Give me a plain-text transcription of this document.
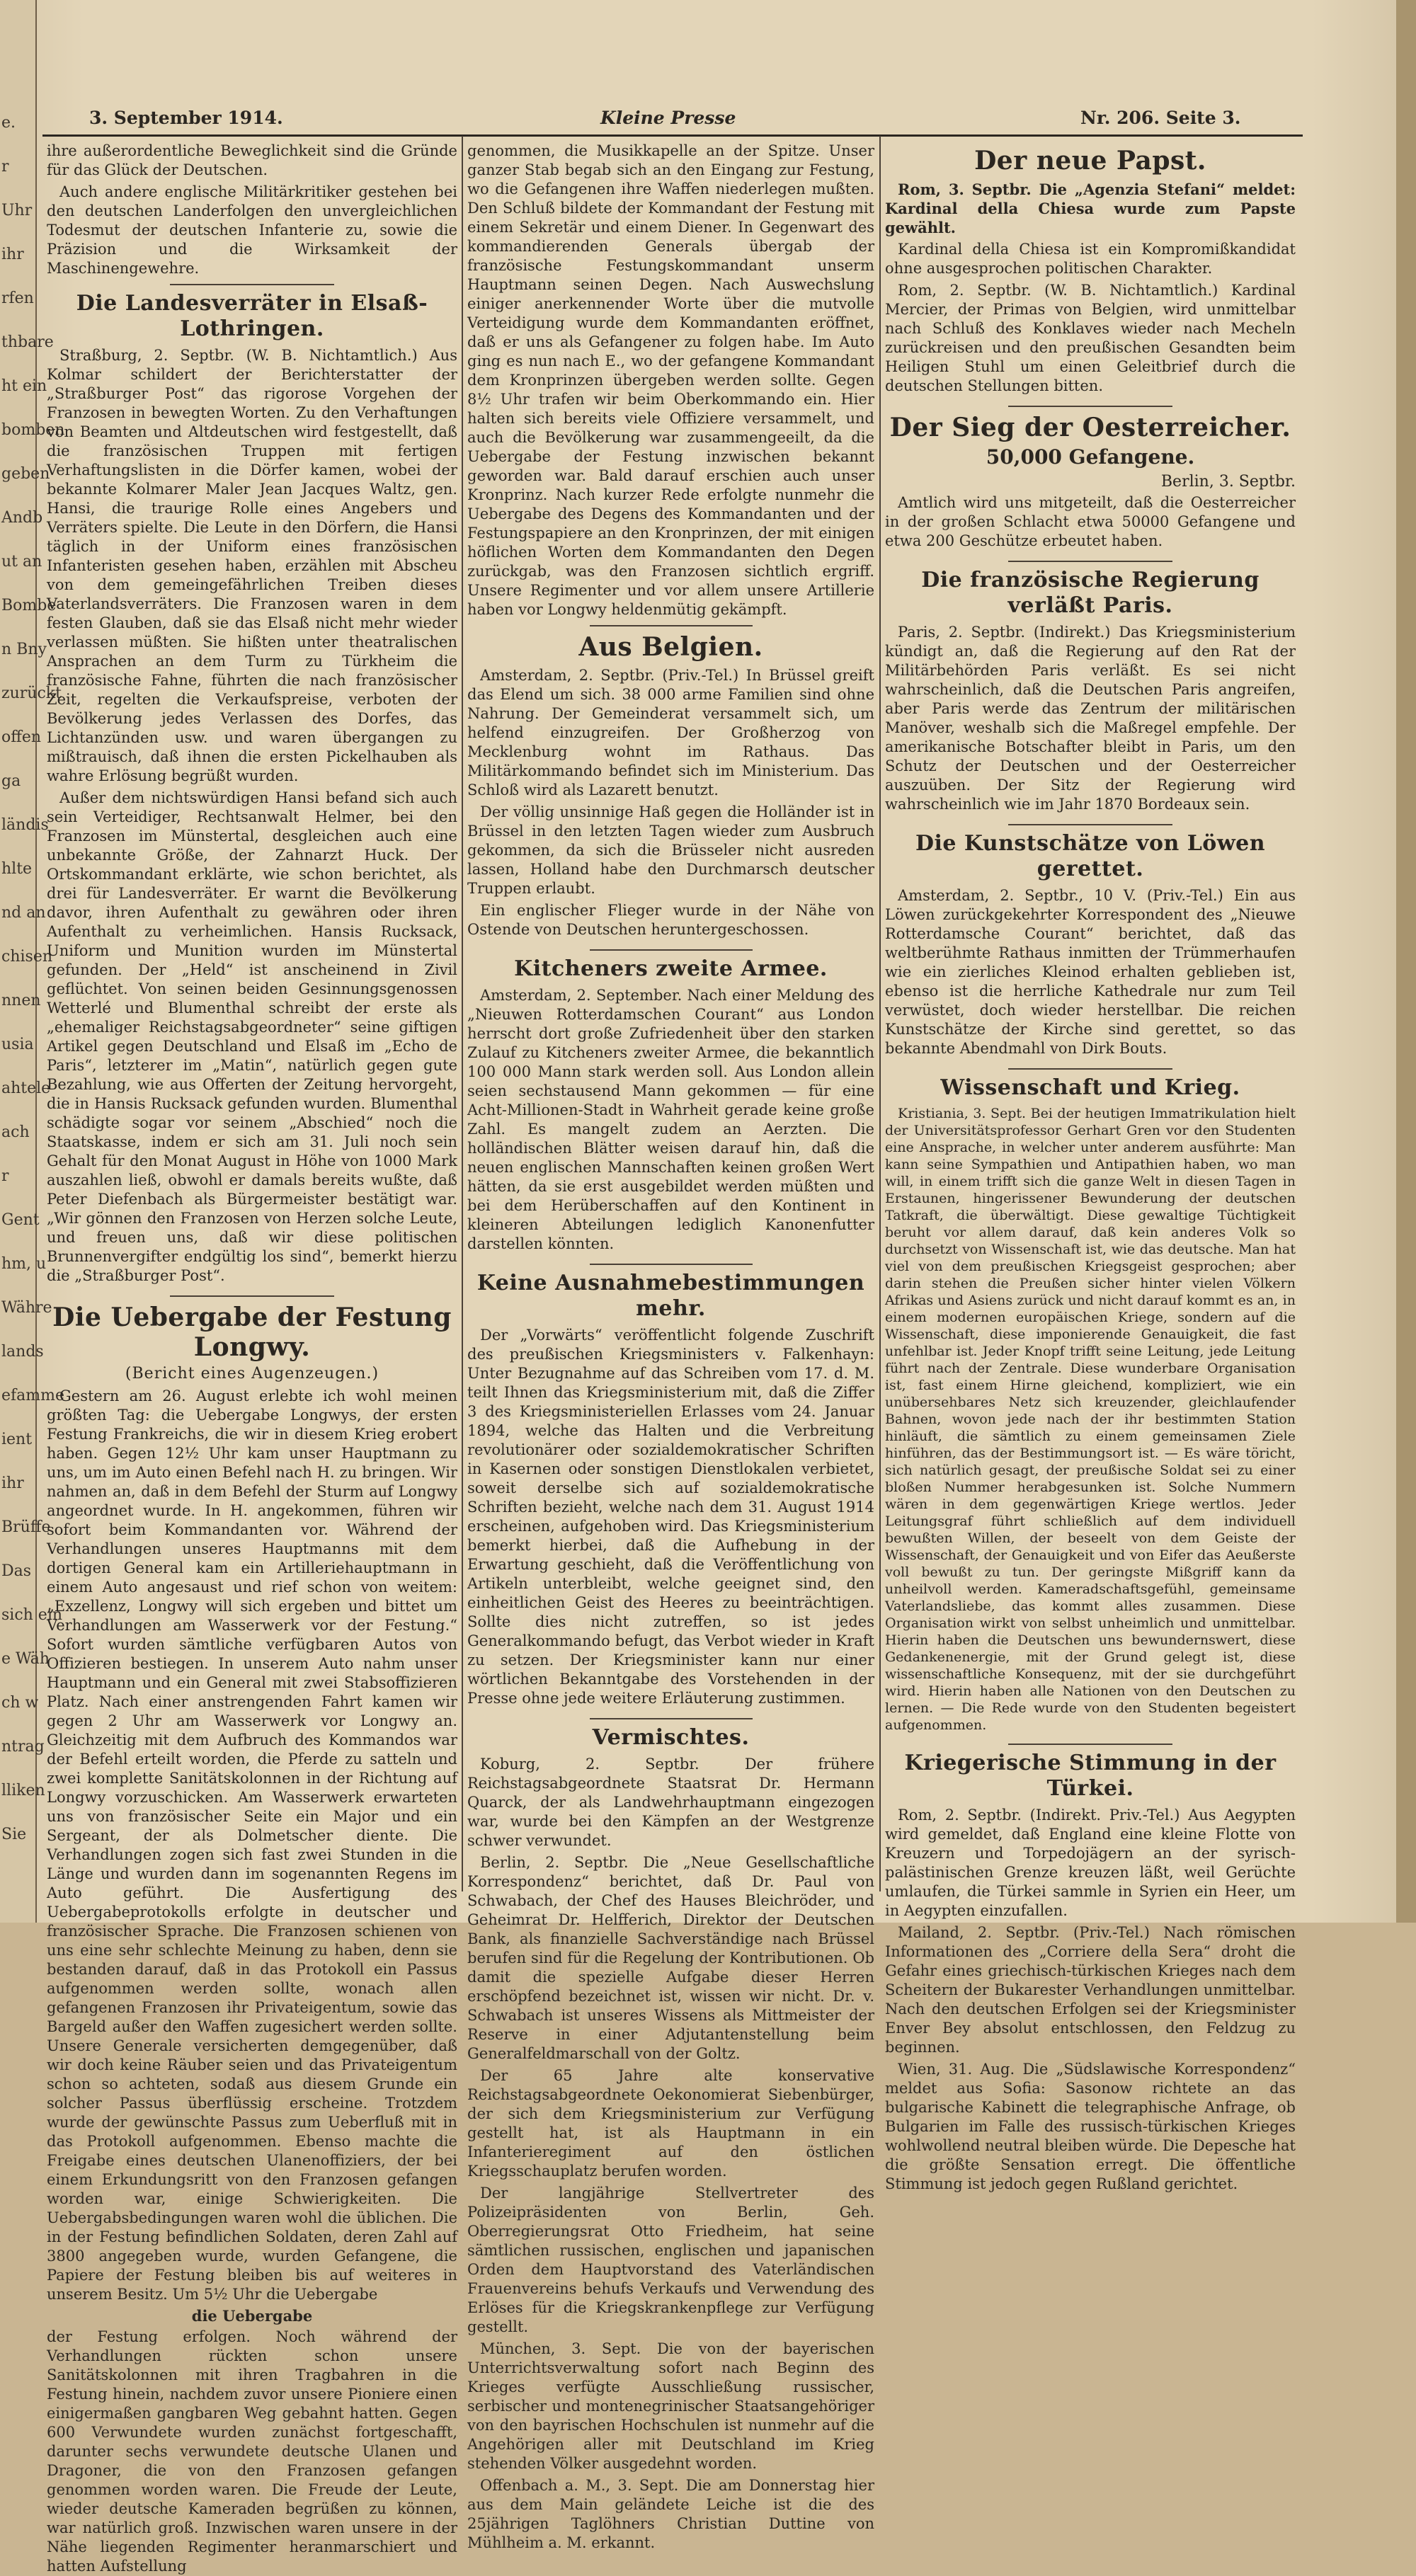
e.
r
Uhr
ihr
rfen
thbare
ht ein
bomben
geben
Andb
ut an
Bombe
n Bny
zurückt
offen
ga
ländis
hlte
nd an
chisen
nnen
usia
ahtele
ach
r
Gent
hm, u
Währe
lands
efamme
ient
ihr
Brüffe
Das
sich ein
e Wäh
ch w
ntrag
lliken
Sie
3. September 1914.	Kleine Presse	Nr. 206. Seite 3.

ihre außerordentliche Beweglichkeit sind die Gründe für das Glück der Deutschen.

Auch andere englische Militärkritiker gestehen bei den deutschen Landerfolgen den unvergleichlichen Todesmut der deutschen Infanterie zu, sowie die Präzision und die Wirksamkeit der Maschinengewehre.

Die Landesverräter in Elsaß-Lothringen.

Straßburg, 2. Septbr. (W. B. Nichtamtlich.) Aus Kolmar schildert der Berichterstatter der „Straßburger Post“ das rigorose Vorgehen der Franzosen in bewegten Worten. Zu den Verhaftungen von Beamten und Altdeutschen wird festgestellt, daß die französischen Truppen mit fertigen Verhaftungslisten in die Dörfer kamen, wobei der bekannte Kolmarer Maler Jean Jacques Waltz, gen. Hansi, die traurige Rolle eines Angebers und Verräters spielte. Die Leute in den Dörfern, die Hansi täglich in der Uniform eines französischen Infanteristen gesehen haben, erzählen mit Abscheu von dem gemeingefährlichen Treiben dieses Vaterlandsverräters. Die Franzosen waren in dem festen Glauben, daß sie das Elsaß nicht mehr wieder verlassen müßten. Sie hißten unter theatralischen Ansprachen an dem Turm zu Türkheim die französische Fahne, führten die nach französischer Zeit, regelten die Verkaufspreise, verboten der Bevölkerung jedes Verlassen des Dorfes, das Lichtanzünden usw. und waren übergangen zu mißtrauisch, daß ihnen die ersten Pickelhauben als wahre Erlösung begrüßt wurden.

Außer dem nichtswürdigen Hansi befand sich auch sein Verteidiger, Rechtsanwalt Helmer, bei den Franzosen im Münstertal, desgleichen auch eine unbekannte Größe, der Zahnarzt Huck. Der Ortskommandant erklärte, wie schon berichtet, als drei für Landesverräter. Er warnt die Bevölkerung davor, ihren Aufenthalt zu gewähren oder ihren Aufenthalt zu verheimlichen. Hansis Rucksack, Uniform und Munition wurden im Münstertal gefunden. Der „Held“ ist anscheinend in Zivil geflüchtet. Von seinen beiden Gesinnungsgenossen Wetterlé und Blumenthal schreibt der erste als „ehemaliger Reichstagsabgeordneter“ seine giftigen Artikel gegen Deutschland und Elsaß im „Echo de Paris“, letzterer im „Matin“, natürlich gegen gute Bezahlung, wie aus Offerten der Zeitung hervorgeht, die in Hansis Rucksack gefunden wurden. Blumenthal schädigte sogar vor seinem „Abschied“ noch die Staatskasse, indem er sich am 31. Juli noch sein Gehalt für den Monat August in Höhe von 1000 Mark auszahlen ließ, obwohl er damals bereits wußte, daß Peter Diefenbach als Bürgermeister bestätigt war. „Wir gönnen den Franzosen von Herzen solche Leute, und freuen uns, daß wir diese politischen Brunnenvergifter endgültig los sind“, bemerkt hierzu die „Straßburger Post“.

Die Uebergabe der Festung Longwy.
(Bericht eines Augenzeugen.)

Gestern am 26. August erlebte ich wohl meinen größten Tag: die Uebergabe Longwys, der ersten Festung Frankreichs, die wir in diesem Krieg erobert haben. Gegen 12½ Uhr kam unser Hauptmann zu uns, um im Auto einen Befehl nach H. zu bringen. Wir nahmen an, daß in dem Befehl der Sturm auf Longwy angeordnet wurde. In H. angekommen, führen wir sofort beim Kommandanten vor. Während der Verhandlungen unseres Hauptmanns mit dem dortigen General kam ein Artilleriehauptmann in einem Auto angesaust und rief schon von weitem: „Exzellenz, Longwy will sich ergeben und bittet um Verhandlungen am Wasserwerk vor der Festung.“ Sofort wurden sämtliche verfügbaren Autos von Offizieren bestiegen. In unserem Auto nahm unser Hauptmann und ein General mit zwei Stabsoffizieren Platz. Nach einer anstrengenden Fahrt kamen wir gegen 2 Uhr am Wasserwerk vor Longwy an. Gleichzeitig mit dem Aufbruch des Kommandos war der Befehl erteilt worden, die Pferde zu satteln und zwei komplette Sanitätskolonnen in der Richtung auf Longwy vorzuschicken. Am Wasserwerk erwarteten uns von französischer Seite ein Major und ein Sergeant, der als Dolmetscher diente. Die Verhandlungen zogen sich fast zwei Stunden in die Länge und wurden dann im sogenannten Regens im Auto geführt. Die Ausfertigung des Uebergabeprotokolls erfolgte in deutscher und französischer Sprache. Die Franzosen schienen von uns eine sehr schlechte Meinung zu haben, denn sie bestanden darauf, daß in das Protokoll ein Passus aufgenommen werden sollte, wonach allen gefangenen Franzosen ihr Privateigentum, sowie das Bargeld außer den Waffen zugesichert werden sollte. Unsere Generale versicherten demgegenüber, daß wir doch keine Räuber seien und das Privateigentum schon so achteten, sodaß aus diesem Grunde ein solcher Passus überflüssig erscheine. Trotzdem wurde der gewünschte Passus zum Ueberfluß mit in das Protokoll aufgenommen. Ebenso machte die Freigabe eines deutschen Ulanenoffiziers, der bei einem Erkundungsritt von den Franzosen gefangen worden war, einige Schwierigkeiten. Die Uebergabsbedingungen waren wohl die üblichen. Die in der Festung befindlichen Soldaten, deren Zahl auf 3800 angegeben wurde, wurden Gefangene, die Papiere der Festung bleiben bis auf weiteres in unserem Besitz. Um 5½ Uhr die Uebergabe

die Uebergabe

der Festung erfolgen. Noch während der Verhandlungen rückten schon unsere Sanitätskolonnen mit ihren Tragbahren in die Festung hinein, nachdem zuvor unsere Pioniere einen einigermaßen gangbaren Weg gebahnt hatten. Gegen 600 Verwundete wurden zunächst fortgeschafft, darunter sechs verwundete deutsche Ulanen und Dragoner, die von den Franzosen gefangen genommen worden waren. Die Freude der Leute, wieder deutsche Kameraden begrüßen zu können, war natürlich groß. Inzwischen waren unsere in der Nähe liegenden Regimenter heranmarschiert und hatten Aufstellung

genommen, die Musikkapelle an der Spitze. Unser ganzer Stab begab sich an den Eingang zur Festung, wo die Gefangenen ihre Waffen niederlegen mußten. Den Schluß bildete der Kommandant der Festung mit einem Sekretär und einem Diener. In Gegenwart des kommandierenden Generals übergab der französische Festungskommandant unserm Hauptmann seinen Degen. Nach Auswechslung einiger anerkennender Worte über die mutvolle Verteidigung wurde dem Kommandanten eröffnet, daß er uns als Gefangener zu folgen habe. Im Auto ging es nun nach E., wo der gefangene Kommandant dem Kronprinzen übergeben werden sollte. Gegen 8½ Uhr trafen wir beim Oberkommando ein. Hier halten sich bereits viele Offiziere versammelt, und auch die Bevölkerung war zusammengeeilt, da die Uebergabe der Festung inzwischen bekannt geworden war. Bald darauf erschien auch unser Kronprinz. Nach kurzer Rede erfolgte nunmehr die Uebergabe des Degens des Kommandanten und der Festungspapiere an den Kronprinzen, der mit einigen höflichen Worten dem Kommandanten den Degen zurückgab, was den Franzosen sichtlich ergriff. Unsere Regimenter und vor allem unsere Artillerie haben vor Longwy heldenmütig gekämpft.

Aus Belgien.

Amsterdam, 2. Septbr. (Priv.-Tel.) In Brüssel greift das Elend um sich. 38 000 arme Familien sind ohne Nahrung. Der Gemeinderat versammelt sich, um helfend einzugreifen. Der Großherzog von Mecklenburg wohnt im Rathaus. Das Militärkommando befindet sich im Ministerium. Das Schloß wird als Lazarett benutzt.

Der völlig unsinnige Haß gegen die Holländer ist in Brüssel in den letzten Tagen wieder zum Ausbruch gekommen, da sich die Brüsseler nicht ausreden lassen, Holland habe den Durchmarsch deutscher Truppen erlaubt.

Ein englischer Flieger wurde in der Nähe von Ostende von Deutschen heruntergeschossen.

Kitcheners zweite Armee.

Amsterdam, 2. September. Nach einer Meldung des „Nieuwen Rotterdamschen Courant“ aus London herrscht dort große Zufriedenheit über den starken Zulauf zu Kitcheners zweiter Armee, die bekanntlich 100 000 Mann stark werden soll. Aus London allein seien sechstausend Mann gekommen — für eine Acht-Millionen-Stadt in Wahrheit gerade keine große Zahl. Es mangelt zudem an Aerzten. Die holländischen Blätter weisen darauf hin, daß die neuen englischen Mannschaften keinen großen Wert hätten, da sie erst ausgebildet werden müßten und bei dem Herüberschaffen auf den Kontinent in kleineren Abteilungen lediglich Kanonenfutter darstellen könnten.

Keine Ausnahmebestimmungen mehr.

Der „Vorwärts“ veröffentlicht folgende Zuschrift des preußischen Kriegsministers v. Falkenhayn: Unter Bezugnahme auf das Schreiben vom 17. d. M. teilt Ihnen das Kriegsministerium mit, daß die Ziffer 3 des Kriegsministeriellen Erlasses vom 24. Januar 1894, welche das Halten und die Verbreitung revolutionärer oder sozialdemokratischer Schriften in Kasernen oder sonstigen Dienstlokalen verbietet, soweit derselbe sich auf sozialdemokratische Schriften bezieht, welche nach dem 31. August 1914 erscheinen, aufgehoben wird. Das Kriegsministerium bemerkt hierbei, daß die Aufhebung in der Erwartung geschieht, daß die Veröffentlichung von Artikeln unterbleibt, welche geeignet sind, den einheitlichen Geist des Heeres zu beeinträchtigen. Sollte dies nicht zutreffen, so ist jedes Generalkommando befugt, das Verbot wieder in Kraft zu setzen. Der Kriegsminister kann nur einer wörtlichen Bekanntgabe des Vorstehenden in der Presse ohne jede weitere Erläuterung zustimmen.

Vermischtes.

Koburg, 2. Septbr. Der frühere Reichstagsabgeordnete Staatsrat Dr. Hermann Quarck, der als Landwehrhauptmann eingezogen war, wurde bei den Kämpfen an der Westgrenze schwer verwundet.

Berlin, 2. Septbr. Die „Neue Gesellschaftliche Korrespondenz“ berichtet, daß Dr. Paul von Schwabach, der Chef des Hauses Bleichröder, und Geheimrat Dr. Helfferich, Direktor der Deutschen Bank, als finanzielle Sachverständige nach Brüssel berufen sind für die Regelung der Kontributionen. Ob damit die spezielle Aufgabe dieser Herren erschöpfend bezeichnet ist, wissen wir nicht. Dr. v. Schwabach ist unseres Wissens als Mittmeister der Reserve in einer Adjutantenstellung beim Generalfeldmarschall von der Goltz.

Der 65 Jahre alte konservative Reichstagsabgeordnete Oekonomierat Siebenbürger, der sich dem Kriegsministerium zur Verfügung gestellt hat, ist als Hauptmann in ein Infanterieregiment auf den östlichen Kriegsschauplatz berufen worden.

Der langjährige Stellvertreter des Polizeipräsidenten von Berlin, Geh. Oberregierungsrat Otto Friedheim, hat seine sämtlichen russischen, englischen und japanischen Orden dem Hauptvorstand des Vaterländischen Frauenvereins behufs Verkaufs und Verwendung des Erlöses für die Kriegskrankenpflege zur Verfügung gestellt.

München, 3. Sept. Die von der bayerischen Unterrichtsverwaltung sofort nach Beginn des Krieges verfügte Ausschließung russischer, serbischer und montenegrinischer Staatsangehöriger von den bayrischen Hochschulen ist nunmehr auf die Angehörigen aller mit Deutschland im Krieg stehenden Völker ausgedehnt worden.

Offenbach a. M., 3. Sept. Die am Donnerstag hier aus dem Main geländete Leiche ist die des 25jährigen Taglöhners Christian Duttine von Mühlheim a. M. erkannt.

Der neue Papst.

Rom, 3. Septbr. Die „Agenzia Stefani“ meldet: Kardinal della Chiesa wurde zum Papste gewählt.

Kardinal della Chiesa ist ein Kompromißkandidat ohne ausgesprochen politischen Charakter.

Rom, 2. Septbr. (W. B. Nichtamtlich.) Kardinal Mercier, der Primas von Belgien, wird unmittelbar nach Schluß des Konklaves wieder nach Mecheln zurückreisen und den preußischen Gesandten beim Heiligen Stuhl um einen Geleitbrief durch die deutschen Stellungen bitten.

Der Sieg der Oesterreicher.
50,000 Gefangene.
Berlin, 3. Septbr.

Amtlich wird uns mitgeteilt, daß die Oesterreicher in der großen Schlacht etwa 50000 Gefangene und etwa 200 Geschütze erbeutet haben.

Die französische Regierung verläßt Paris.

Paris, 2. Septbr. (Indirekt.) Das Kriegsministerium kündigt an, daß die Regierung auf den Rat der Militärbehörden Paris verläßt. Es sei nicht wahrscheinlich, daß die Deutschen Paris angreifen, aber Paris werde das Zentrum der militärischen Manöver, weshalb sich die Maßregel empfehle. Der amerikanische Botschafter bleibt in Paris, um den Schutz der Deutschen und der Oesterreicher auszuüben. Der Sitz der Regierung wird wahrscheinlich wie im Jahr 1870 Bordeaux sein.

Die Kunstschätze von Löwen gerettet.

Amsterdam, 2. Septbr., 10 V. (Priv.-Tel.) Ein aus Löwen zurückgekehrter Korrespondent des „Nieuwe Rotterdamsche Courant“ berichtet, daß das weltberühmte Rathaus inmitten der Trümmerhaufen wie ein zierliches Kleinod erhalten geblieben ist, ebenso ist die herrliche Kathedrale nur zum Teil verwüstet, doch wieder herstellbar. Die reichen Kunstschätze der Kirche sind gerettet, so das bekannte Abendmahl von Dirk Bouts.

Wissenschaft und Krieg.

Kristiania, 3. Sept. Bei der heutigen Immatrikulation hielt der Universitätsprofessor Gerhart Gren vor den Studenten eine Ansprache, in welcher unter anderem ausführte: Man kann seine Sympathien und Antipathien haben, wo man will, in einem trifft sich die ganze Welt in diesen Tagen in Erstaunen, hingerissener Bewunderung der deutschen Tatkraft, die überwältigt. Diese gewaltige Tüchtigkeit beruht vor allem darauf, daß kein anderes Volk so durchsetzt von Wissenschaft ist, wie das deutsche. Man hat viel von dem preußischen Kriegsgeist gesprochen; aber darin stehen die Preußen sicher hinter vielen Völkern Afrikas und Asiens zurück und nicht darauf kommt es an, in einem modernen europäischen Kriege, sondern auf die Wissenschaft, diese imponierende Genauigkeit, die fast unfehlbar ist. Jeder Knopf trifft seine Leitung, jede Leitung führt nach der Zentrale. Diese wunderbare Organisation ist, fast einem Hirne gleichend, kompliziert, wie ein unübersehbares Netz sich kreuzender, gleichlaufender Bahnen, wovon jede nach der ihr bestimmten Station hinläuft, die sämtlich zu einem gemeinsamen Ziele hinführen, das der Bestimmungsort ist. — Es wäre töricht, sich natürlich gesagt, der preußische Soldat sei zu einer bloßen Nummer herabgesunken ist. Solche Nummern wären in dem gegenwärtigen Kriege wertlos. Jeder Leitungsgraf führt schließlich auf dem individuell bewußten Willen, der beseelt von dem Geiste der Wissenschaft, der Genauigkeit und von Eifer das Aeußerste voll bewußt zu tun. Der geringste Mißgriff kann da unheilvoll werden. Kameradschaftsgefühl, gemeinsame Vaterlandsliebe, das kommt alles zusammen. Diese Organisation wirkt von selbst unheimlich und unmittelbar. Hierin haben die Deutschen uns bewundernswert, diese Gedankenenergie, mit der Grund gelegt ist, diese wissenschaftliche Konsequenz, mit der sie durchgeführt wird. Hierin haben alle Nationen von den Deutschen zu lernen. — Die Rede wurde von den Studenten begeistert aufgenommen.

Kriegerische Stimmung in der Türkei.

Rom, 2. Septbr. (Indirekt. Priv.-Tel.) Aus Aegypten wird gemeldet, daß England eine kleine Flotte von Kreuzern und Torpedojägern an der syrisch-palästinischen Grenze kreuzen läßt, weil Gerüchte umlaufen, die Türkei sammle in Syrien ein Heer, um in Aegypten einzufallen.

Mailand, 2. Septbr. (Priv.-Tel.) Nach römischen Informationen des „Corriere della Sera“ droht die Gefahr eines griechisch-türkischen Krieges nach dem Scheitern der Bukarester Verhandlungen unmittelbar. Nach den deutschen Erfolgen sei der Kriegsminister Enver Bey absolut entschlossen, den Feldzug zu beginnen.

Wien, 31. Aug. Die „Südslawische Korrespondenz“ meldet aus Sofia: Sasonow richtete an das bulgarische Kabinett die telegraphische Anfrage, ob Bulgarien im Falle des russisch-türkischen Krieges wohlwollend neutral bleiben würde. Die Depesche hat die größte Sensation erregt. Die öffentliche Stimmung ist jedoch gegen Rußland gerichtet.
